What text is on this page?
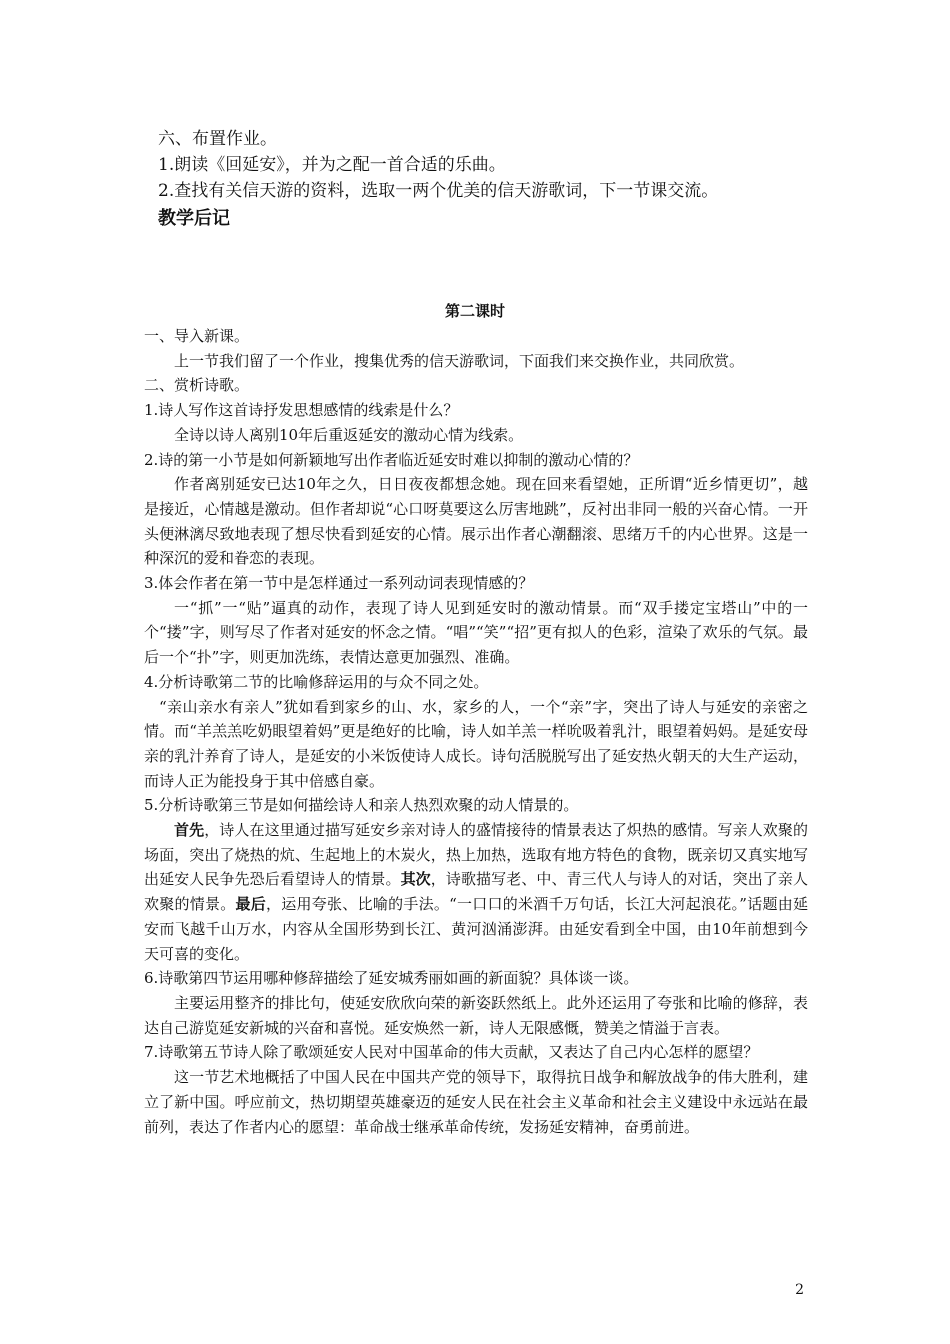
六、布置作业。
1.朗读《回延安》，并为之配一首合适的乐曲。
2.查找有关信天游的资料，选取一两个优美的信天游歌词，下一节课交流。
教学后记
第二课时

一、导入新课。

上一节我们留了一个作业，搜集优秀的信天游歌词，下面我们来交换作业，共同欣赏。

二、赏析诗歌。

1.诗人写作这首诗抒发思想感情的线索是什么？

全诗以诗人离别10年后重返延安的激动心情为线索。

2.诗的第一小节是如何新颖地写出作者临近延安时难以抑制的激动心情的？

作者离别延安已达10年之久，日日夜夜都想念她。现在回来看望她，正所谓“近乡情更切”，越是接近，心情越是激动。但作者却说“心口呀莫要这么厉害地跳”，反衬出非同一般的兴奋心情。一开头便淋漓尽致地表现了想尽快看到延安的心情。展示出作者心潮翻滚、思绪万千的内心世界。这是一种深沉的爱和眷恋的表现。

3.体会作者在第一节中是怎样通过一系列动词表现情感的？

一“抓”一“贴”逼真的动作，表现了诗人见到延安时的激动情景。而“双手搂定宝塔山”中的一个“搂”字，则写尽了作者对延安的怀念之情。“唱”“笑”“招”更有拟人的色彩，渲染了欢乐的气氛。最后一个“扑”字，则更加洗练，表情达意更加强烈、准确。

4.分析诗歌第二节的比喻修辞运用的与众不同之处。

“亲山亲水有亲人”犹如看到家乡的山、水，家乡的人，一个“亲”字，突出了诗人与延安的亲密之情。而“羊羔羔吃奶眼望着妈”更是绝好的比喻，诗人如羊羔一样吮吸着乳汁，眼望着妈妈。是延安母亲的乳汁养育了诗人，是延安的小米饭使诗人成长。诗句活脱脱写出了延安热火朝天的大生产运动，而诗人正为能投身于其中倍感自豪。

5.分析诗歌第三节是如何描绘诗人和亲人热烈欢聚的动人情景的。

首先，诗人在这里通过描写延安乡亲对诗人的盛情接待的情景表达了炽热的感情。写亲人欢聚的场面，突出了烧热的炕、生起地上的木炭火，热上加热，选取有地方特色的食物，既亲切又真实地写出延安人民争先恐后看望诗人的情景。其次，诗歌描写老、中、青三代人与诗人的对话，突出了亲人欢聚的情景。最后，运用夸张、比喻的手法。“一口口的米酒千万句话，长江大河起浪花。”话题由延安而飞越千山万水，内容从全国形势到长江、黄河汹涌澎湃。由延安看到全中国，由10年前想到今天可喜的变化。

6.诗歌第四节运用哪种修辞描绘了延安城秀丽如画的新面貌？具体谈一谈。

主要运用整齐的排比句，使延安欣欣向荣的新姿跃然纸上。此外还运用了夸张和比喻的修辞，表达自己游览延安新城的兴奋和喜悦。延安焕然一新，诗人无限感慨，赞美之情溢于言表。

7.诗歌第五节诗人除了歌颂延安人民对中国革命的伟大贡献，又表达了自己内心怎样的愿望？

这一节艺术地概括了中国人民在中国共产党的领导下，取得抗日战争和解放战争的伟大胜利，建立了新中国。呼应前文，热切期望英雄豪迈的延安人民在社会主义革命和社会主义建设中永远站在最前列，表达了作者内心的愿望：革命战士继承革命传统，发扬延安精神，奋勇前进。

2
